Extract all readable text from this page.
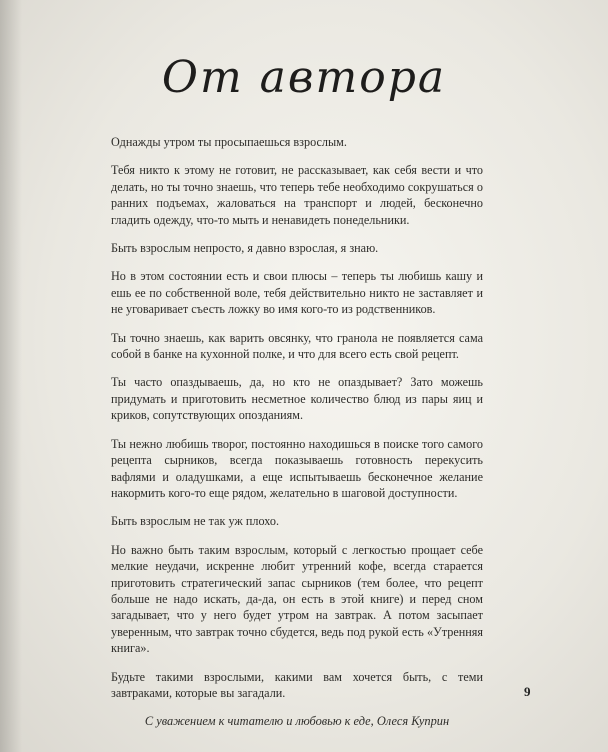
От автора

Однажды утром ты просыпаешься взрослым.

Тебя никто к этому не готовит, не рассказывает, как себя вести и что делать, но ты точно знаешь, что теперь тебе необходимо сокрушаться о ранних подъемах, жаловаться на транспорт и людей, бесконечно гладить одежду, что-то мыть и ненавидеть понедельники.

Быть взрослым непросто, я давно взрослая, я знаю.

Но в этом состоянии есть и свои плюсы – теперь ты любишь кашу и ешь ее по собственной воле, тебя действительно никто не заставляет и не уговаривает съесть ложку во имя кого-то из родственников.

Ты точно знаешь, как варить овсянку, что гранола не появляется сама собой в банке на кухонной полке, и что для всего есть свой рецепт.

Ты часто опаздываешь, да, но кто не опаздывает? Зато можешь придумать и приготовить несметное количество блюд из пары яиц и криков, сопутствующих опозданиям.

Ты нежно любишь творог, постоянно находишься в поиске того самого рецепта сырников, всегда показываешь готовность перекусить вафлями и оладушками, а еще испытываешь бесконечное желание накормить кого-то еще рядом, желательно в шаговой доступности.

Быть взрослым не так уж плохо.

Но важно быть таким взрослым, который с легкостью прощает себе мелкие неудачи, искренне любит утренний кофе, всегда старается приготовить стратегический запас сырников (тем более, что рецепт больше не надо искать, да-да, он есть в этой книге) и перед сном загадывает, что у него будет утром на завтрак. А потом засыпает уверенным, что завтрак точно сбудется, ведь под рукой есть «Утренняя книга».

Будьте такими взрослыми, какими вам хочется быть, с теми завтраками, которые вы загадали.

С уважением к читателю и любовью к еде, Олеся Куприн

9
